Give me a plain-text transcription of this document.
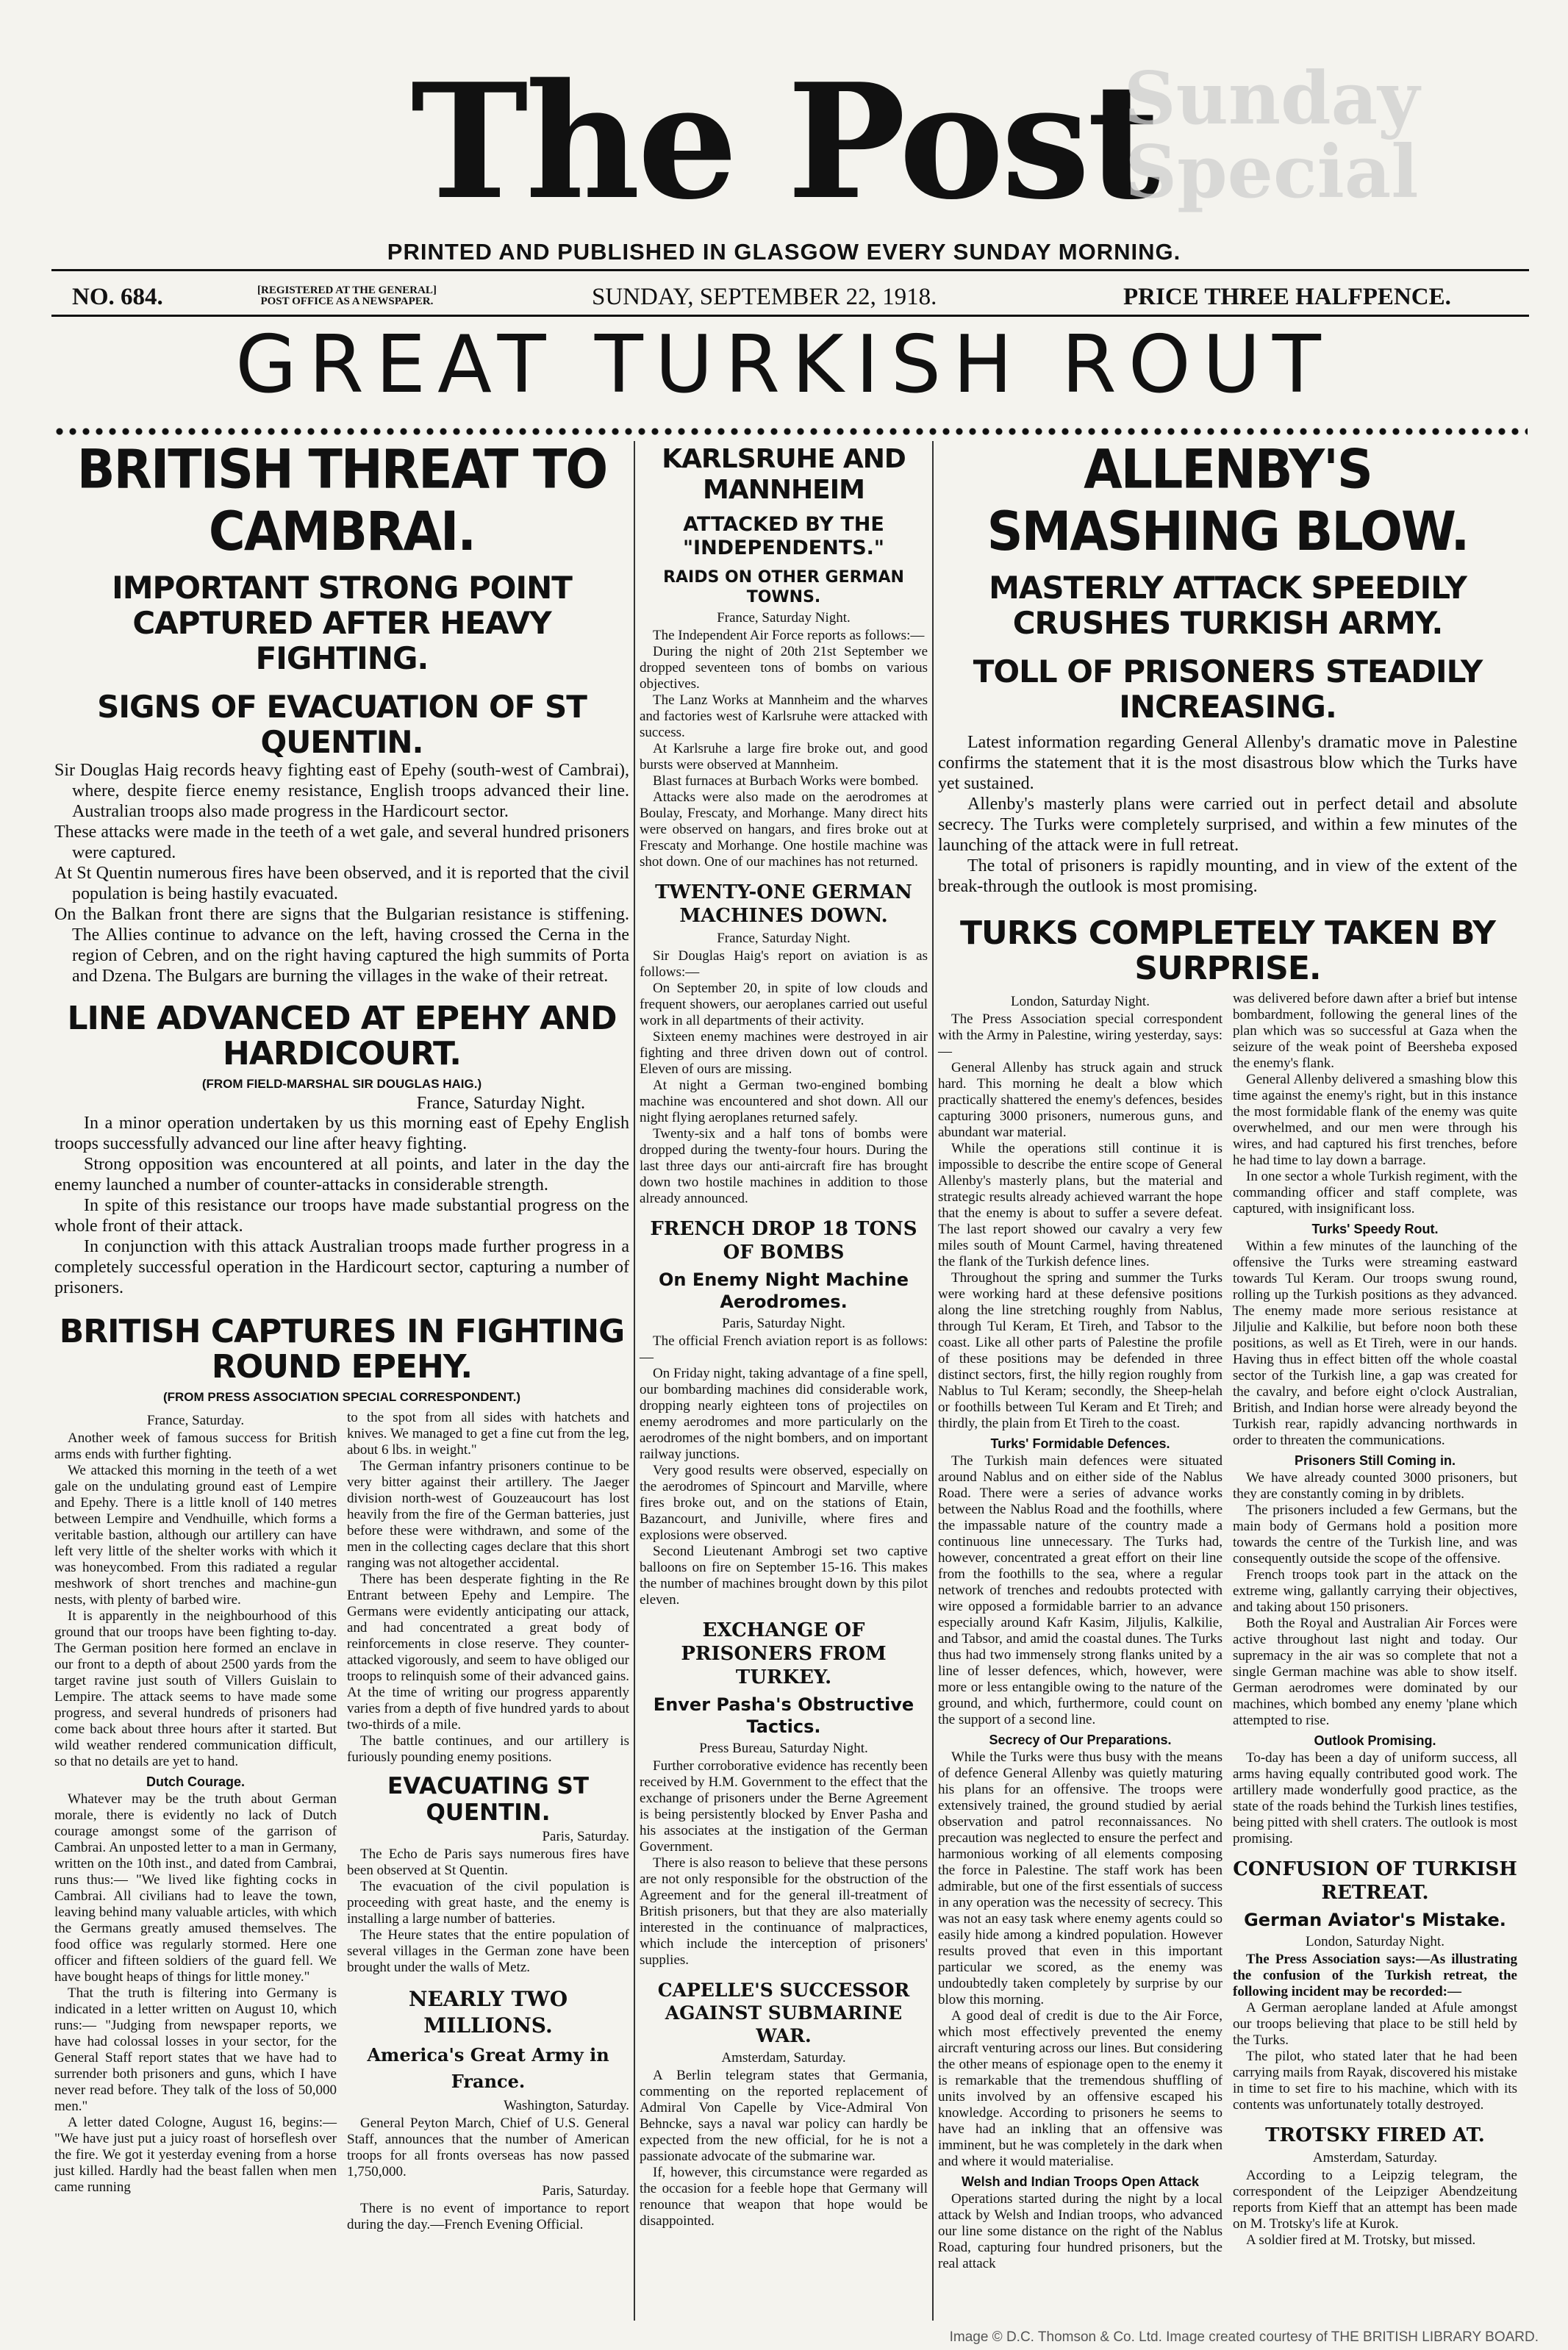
The Post
Sunday
Special
PRINTED AND PUBLISHED IN GLASGOW EVERY SUNDAY MORNING.
NO. 684.	[REGISTERED AT THE GENERAL]
POST OFFICE AS A NEWSPAPER.	SUNDAY, SEPTEMBER 22, 1918.	PRICE THREE HALFPENCE.
GREAT TURKISH ROUT
BRITISH THREAT TO CAMBRAI.
IMPORTANT STRONG POINT CAPTURED AFTER HEAVY FIGHTING.
SIGNS OF EVACUATION OF ST QUENTIN.

Sir Douglas Haig records heavy fighting east of Epehy (south-west of Cambrai), where, despite fierce enemy resistance, English troops advanced their line. Australian troops also made progress in the Hardicourt sector.

These attacks were made in the teeth of a wet gale, and several hundred prisoners were captured.

At St Quentin numerous fires have been observed, and it is reported that the civil population is being hastily evacuated.

On the Balkan front there are signs that the Bulgarian resistance is stiffening. The Allies continue to advance on the left, having crossed the Cerna in the region of Cebren, and on the right having captured the high summits of Porta and Dzena. The Bulgars are burning the villages in the wake of their retreat.

LINE ADVANCED AT EPEHY AND HARDICOURT.
(FROM FIELD-MARSHAL SIR DOUGLAS HAIG.)
France, Saturday Night.

In a minor operation undertaken by us this morning east of Epehy English troops successfully advanced our line after heavy fighting.

Strong opposition was encountered at all points, and later in the day the enemy launched a number of counter-attacks in considerable strength.

In spite of this resistance our troops have made substantial progress on the whole front of their attack.

In conjunction with this attack Australian troops made further progress in a completely successful operation in the Hardicourt sector, capturing a number of prisoners.

BRITISH CAPTURES IN FIGHTING ROUND EPEHY.
(FROM PRESS ASSOCIATION SPECIAL CORRESPONDENT.)
France, Saturday.

Another week of famous success for British arms ends with further fighting.

We attacked this morning in the teeth of a wet gale on the undulating ground east of Lempire and Epehy. There is a little knoll of 140 metres between Lempire and Vendhuille, which forms a veritable bastion, although our artillery can have left very little of the shelter works with which it was honeycombed. From this radiated a regular meshwork of short trenches and machine-gun nests, with plenty of barbed wire.

It is apparently in the neighbourhood of this ground that our troops have been fighting to-day. The German position here formed an enclave in our front to a depth of about 2500 yards from the target ravine just south of Villers Guislain to Lempire. The attack seems to have made some progress, and several hundreds of prisoners had come back about three hours after it started. But wild weather rendered communication difficult, so that no details are yet to hand.

Dutch Courage.

Whatever may be the truth about German morale, there is evidently no lack of Dutch courage amongst some of the garrison of Cambrai. An unposted letter to a man in Germany, written on the 10th inst., and dated from Cambrai, runs thus:— "We lived like fighting cocks in Cambrai. All civilians had to leave the town, leaving behind many valuable articles, with which the Germans greatly amused themselves. The food office was regularly stormed. Here one officer and fifteen soldiers of the guard fell. We have bought heaps of things for little money."

That the truth is filtering into Germany is indicated in a letter written on August 10, which runs:— "Judging from newspaper reports, we have had colossal losses in your sector, for the General Staff report states that we have had to surrender both prisoners and guns, which I have never read before. They talk of the loss of 50,000 men."

A letter dated Cologne, August 16, begins:— "We have just put a juicy roast of horseflesh over the fire. We got it yesterday evening from a horse just killed. Hardly had the beast fallen when men came running

to the spot from all sides with hatchets and knives. We managed to get a fine cut from the leg, about 6 lbs. in weight."

The German infantry prisoners continue to be very bitter against their artillery. The Jaeger division north-west of Gouzeaucourt has lost heavily from the fire of the German batteries, just before these were withdrawn, and some of the men in the collecting cages declare that this short ranging was not altogether accidental.

There has been desperate fighting in the Re Entrant between Epehy and Lempire. The Germans were evidently anticipating our attack, and had concentrated a great body of reinforcements in close reserve. They counter-attacked vigorously, and seem to have obliged our troops to relinquish some of their advanced gains. At the time of writing our progress apparently varies from a depth of five hundred yards to about two-thirds of a mile.

The battle continues, and our artillery is furiously pounding enemy positions.

EVACUATING ST QUENTIN.
Paris, Saturday.

The Echo de Paris says numerous fires have been observed at St Quentin.

The evacuation of the civil population is proceeding with great haste, and the enemy is installing a large number of batteries.

The Heure states that the entire population of several villages in the German zone have been brought under the walls of Metz.

NEARLY TWO MILLIONS.
America's Great Army in France.
Washington, Saturday.

General Peyton March, Chief of U.S. General Staff, announces that the number of American troops for all fronts overseas has now passed 1,750,000.

Paris, Saturday.

There is no event of importance to report during the day.—French Evening Official.

KARLSRUHE AND MANNHEIM
ATTACKED BY THE "INDEPENDENTS."
RAIDS ON OTHER GERMAN TOWNS.
France, Saturday Night.

The Independent Air Force reports as follows:—

During the night of 20th 21st September we dropped seventeen tons of bombs on various objectives.

The Lanz Works at Mannheim and the wharves and factories west of Karlsruhe were attacked with success.

At Karlsruhe a large fire broke out, and good bursts were observed at Mannheim.

Blast furnaces at Burbach Works were bombed.

Attacks were also made on the aerodromes at Boulay, Frescaty, and Morhange. Many direct hits were observed on hangars, and fires broke out at Frescaty and Morhange. One hostile machine was shot down. One of our machines has not returned.

TWENTY-ONE GERMAN MACHINES DOWN.
France, Saturday Night.

Sir Douglas Haig's report on aviation is as follows:—

On September 20, in spite of low clouds and frequent showers, our aeroplanes carried out useful work in all departments of their activity.

Sixteen enemy machines were destroyed in air fighting and three driven down out of control. Eleven of ours are missing.

At night a German two-engined bombing machine was encountered and shot down. All our night flying aeroplanes returned safely.

Twenty-six and a half tons of bombs were dropped during the twenty-four hours. During the last three days our anti-aircraft fire has brought down two hostile machines in addition to those already announced.

FRENCH DROP 18 TONS OF BOMBS
On Enemy Night Machine Aerodromes.
Paris, Saturday Night.

The official French aviation report is as follows:—

On Friday night, taking advantage of a fine spell, our bombarding machines did considerable work, dropping nearly eighteen tons of projectiles on enemy aerodromes and more particularly on the aerodromes of the night bombers, and on important railway junctions.

Very good results were observed, especially on the aerodromes of Spincourt and Marville, where fires broke out, and on the stations of Etain, Bazancourt, and Juniville, where fires and explosions were observed.

Second Lieutenant Ambrogi set two captive balloons on fire on September 15-16. This makes the number of machines brought down by this pilot eleven.

EXCHANGE OF PRISONERS FROM TURKEY.
Enver Pasha's Obstructive Tactics.
Press Bureau, Saturday Night.

Further corroborative evidence has recently been received by H.M. Government to the effect that the exchange of prisoners under the Berne Agreement is being persistently blocked by Enver Pasha and his associates at the instigation of the German Government.

There is also reason to believe that these persons are not only responsible for the obstruction of the Agreement and for the general ill-treatment of British prisoners, but that they are also materially interested in the continuance of malpractices, which include the interception of prisoners' supplies.

CAPELLE'S SUCCESSOR AGAINST SUBMARINE WAR.
Amsterdam, Saturday.

A Berlin telegram states that Germania, commenting on the reported replacement of Admiral Von Capelle by Vice-Admiral Von Behncke, says a naval war policy can hardly be expected from the new official, for he is not a passionate advocate of the submarine war.

If, however, this circumstance were regarded as the occasion for a feeble hope that Germany will renounce that weapon that hope would be disappointed.

ALLENBY'S SMASHING BLOW.
MASTERLY ATTACK SPEEDILY CRUSHES TURKISH ARMY.
TOLL OF PRISONERS STEADILY INCREASING.

Latest information regarding General Allenby's dramatic move in Palestine confirms the statement that it is the most disastrous blow which the Turks have yet sustained.

Allenby's masterly plans were carried out in perfect detail and absolute secrecy. The Turks were completely surprised, and within a few minutes of the launching of the attack were in full retreat.

The total of prisoners is rapidly mounting, and in view of the extent of the break-through the outlook is most promising.

TURKS COMPLETELY TAKEN BY SURPRISE.
London, Saturday Night.

The Press Association special correspondent with the Army in Palestine, wiring yesterday, says:—

General Allenby has struck again and struck hard. This morning he dealt a blow which practically shattered the enemy's defences, besides capturing 3000 prisoners, numerous guns, and abundant war material.

While the operations still continue it is impossible to describe the entire scope of General Allenby's masterly plans, but the material and strategic results already achieved warrant the hope that the enemy is about to suffer a severe defeat. The last report showed our cavalry a very few miles south of Mount Carmel, having threatened the flank of the Turkish defence lines.

Throughout the spring and summer the Turks were working hard at these defensive positions along the line stretching roughly from Nablus, through Tul Keram, Et Tireh, and Tabsor to the coast. Like all other parts of Palestine the profile of these positions may be defended in three distinct sectors, first, the hilly region roughly from Nablus to Tul Keram; secondly, the Sheep-helah or foothills between Tul Keram and Et Tireh; and thirdly, the plain from Et Tireh to the coast.

Turks' Formidable Defences.

The Turkish main defences were situated around Nablus and on either side of the Nablus Road. There were a series of advance works between the Nablus Road and the foothills, where the impassable nature of the country made a continuous line unnecessary. The Turks had, however, concentrated a great effort on their line from the foothills to the sea, where a regular network of trenches and redoubts protected with wire opposed a formidable barrier to an advance especially around Kafr Kasim, Jiljulis, Kalkilie, and Tabsor, and amid the coastal dunes. The Turks thus had two immensely strong flanks united by a line of lesser defences, which, however, were more or less entangible owing to the nature of the ground, and which, furthermore, could count on the support of a second line.

Secrecy of Our Preparations.

While the Turks were thus busy with the means of defence General Allenby was quietly maturing his plans for an offensive. The troops were extensively trained, the ground studied by aerial observation and patrol reconnaissances. No precaution was neglected to ensure the perfect and harmonious working of all elements composing the force in Palestine. The staff work has been admirable, but one of the first essentials of success in any operation was the necessity of secrecy. This was not an easy task where enemy agents could so easily hide among a kindred population. However results proved that even in this important particular we scored, as the enemy was undoubtedly taken completely by surprise by our blow this morning.

A good deal of credit is due to the Air Force, which most effectively prevented the enemy aircraft venturing across our lines. But considering the other means of espionage open to the enemy it is remarkable that the tremendous shuffling of units involved by an offensive escaped his knowledge. According to prisoners he seems to have had an inkling that an offensive was imminent, but he was completely in the dark when and where it would materialise.

Welsh and Indian Troops Open Attack

Operations started during the night by a local attack by Welsh and Indian troops, who advanced our line some distance on the right of the Nablus Road, capturing four hundred prisoners, but the real attack

was delivered before dawn after a brief but intense bombardment, following the general lines of the plan which was so successful at Gaza when the seizure of the weak point of Beersheba exposed the enemy's flank.

General Allenby delivered a smashing blow this time against the enemy's right, but in this instance the most formidable flank of the enemy was quite overwhelmed, and our men were through his wires, and had captured his first trenches, before he had time to lay down a barrage.

In one sector a whole Turkish regiment, with the commanding officer and staff complete, was captured, with insignificant loss.

Turks' Speedy Rout.

Within a few minutes of the launching of the offensive the Turks were streaming eastward towards Tul Keram. Our troops swung round, rolling up the Turkish positions as they advanced. The enemy made more serious resistance at Jiljulie and Kalkilie, but before noon both these positions, as well as Et Tireh, were in our hands. Having thus in effect bitten off the whole coastal sector of the Turkish line, a gap was created for the cavalry, and before eight o'clock Australian, British, and Indian horse were already beyond the Turkish rear, rapidly advancing northwards in order to threaten the communications.

Prisoners Still Coming in.

We have already counted 3000 prisoners, but they are constantly coming in by driblets.

The prisoners included a few Germans, but the main body of Germans hold a position more towards the centre of the Turkish line, and was consequently outside the scope of the offensive.

French troops took part in the attack on the extreme wing, gallantly carrying their objectives, and taking about 150 prisoners.

Both the Royal and Australian Air Forces were active throughout last night and today. Our supremacy in the air was so complete that not a single German machine was able to show itself. German aerodromes were dominated by our machines, which bombed any enemy 'plane which attempted to rise.

Outlook Promising.

To-day has been a day of uniform success, all arms having equally contributed good work. The artillery made wonderfully good practice, as the state of the roads behind the Turkish lines testifies, being pitted with shell craters. The outlook is most promising.

CONFUSION OF TURKISH RETREAT.
German Aviator's Mistake.
London, Saturday Night.

The Press Association says:—As illustrating the confusion of the Turkish retreat, the following incident may be recorded:—

A German aeroplane landed at Afule amongst our troops believing that place to be still held by the Turks.

The pilot, who stated later that he had been carrying mails from Rayak, discovered his mistake in time to set fire to his machine, which with its contents was unfortunately totally destroyed.

TROTSKY FIRED AT.
Amsterdam, Saturday.

According to a Leipzig telegram, the correspondent of the Leipziger Abendzeitung reports from Kieff that an attempt has been made on M. Trotsky's life at Kurok.

A soldier fired at M. Trotsky, but missed.

Image © D.C. Thomson & Co. Ltd. Image created courtesy of THE BRITISH LIBRARY BOARD.
